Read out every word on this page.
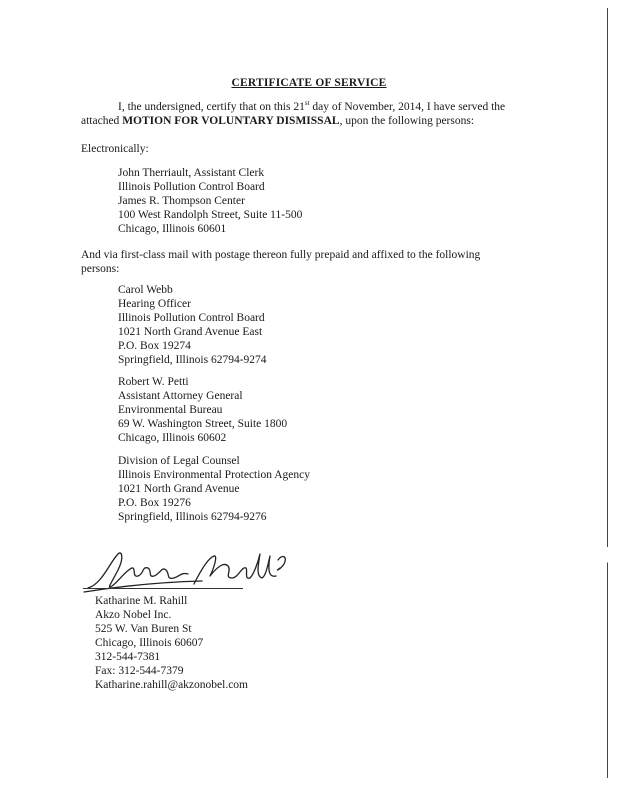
CERTIFICATE OF SERVICE
I, the undersigned, certify that on this 21st day of November, 2014, I have served the attached MOTION FOR VOLUNTARY DISMISSAL, upon the following persons:
Electronically:
John Therriault, Assistant Clerk
Illinois Pollution Control Board
James R. Thompson Center
100 West Randolph Street, Suite 11-500
Chicago, Illinois 60601
And via first-class mail with postage thereon fully prepaid and affixed to the following persons:
Carol Webb
Hearing Officer
Illinois Pollution Control Board
1021 North Grand Avenue East
P.O. Box 19274
Springfield, Illinois 62794-9274
Robert W. Petti
Assistant Attorney General
Environmental Bureau
69 W. Washington Street, Suite 1800
Chicago, Illinois 60602
Division of Legal Counsel
Illinois Environmental Protection Agency
1021 North Grand Avenue
P.O. Box 19276
Springfield, Illinois 62794-9276
Katharine M. Rahill
Akzo Nobel Inc.
525 W. Van Buren St
Chicago, Illinois 60607
312-544-7381
Fax: 312-544-7379
Katharine.rahill@akzonobel.com
